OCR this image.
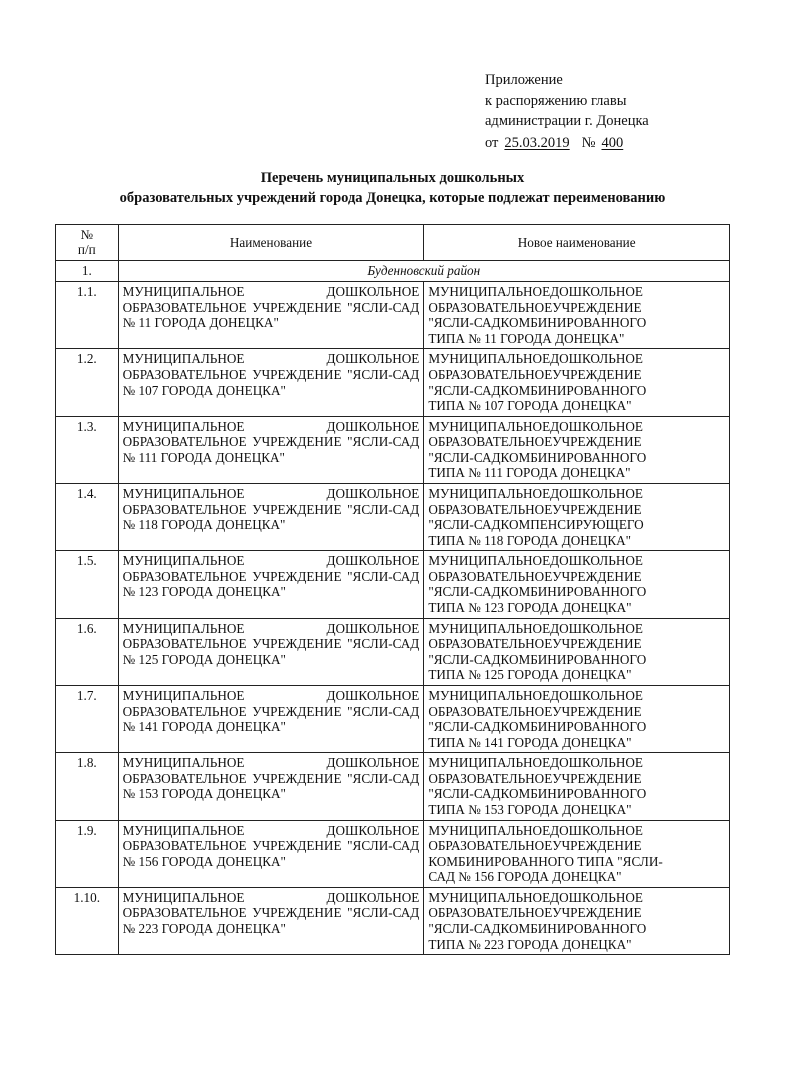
Приложение
к распоряжению главы
администрации г. Донецка
от 25.03.2019 № 400
Перечень муниципальных дошкольных
образовательных учреждений города Донецка, которые подлежат переименованию
№
п/п	Наименование	Новое наименование
1.	Буденновский район	
1.1.	МУНИЦИПАЛЬНОЕ ДОШКОЛЬНОЕ ОБРАЗОВАТЕЛЬНОЕ УЧРЕЖДЕНИЕ "ЯСЛИ-САД № 11 ГОРОДА ДОНЕЦКА"	МУНИЦИПАЛЬНОЕДОШКОЛЬНОЕ
ОБРАЗОВАТЕЛЬНОЕУЧРЕЖДЕНИЕ
"ЯСЛИ-САДКОМБИНИРОВАННОГО
ТИПА № 11 ГОРОДА ДОНЕЦКА"

1.2.	МУНИЦИПАЛЬНОЕ ДОШКОЛЬНОЕ ОБРАЗОВАТЕЛЬНОЕ УЧРЕЖДЕНИЕ "ЯСЛИ-САД № 107 ГОРОДА ДОНЕЦКА"	МУНИЦИПАЛЬНОЕДОШКОЛЬНОЕ
ОБРАЗОВАТЕЛЬНОЕУЧРЕЖДЕНИЕ
"ЯСЛИ-САДКОМБИНИРОВАННОГО
ТИПА № 107 ГОРОДА ДОНЕЦКА"

1.3.	МУНИЦИПАЛЬНОЕ ДОШКОЛЬНОЕ ОБРАЗОВАТЕЛЬНОЕ УЧРЕЖДЕНИЕ "ЯСЛИ-САД № 111 ГОРОДА ДОНЕЦКА"	МУНИЦИПАЛЬНОЕДОШКОЛЬНОЕ
ОБРАЗОВАТЕЛЬНОЕУЧРЕЖДЕНИЕ
"ЯСЛИ-САДКОМБИНИРОВАННОГО
ТИПА № 111 ГОРОДА ДОНЕЦКА"

1.4.	МУНИЦИПАЛЬНОЕ ДОШКОЛЬНОЕ ОБРАЗОВАТЕЛЬНОЕ УЧРЕЖДЕНИЕ "ЯСЛИ-САД № 118 ГОРОДА ДОНЕЦКА"	МУНИЦИПАЛЬНОЕДОШКОЛЬНОЕ
ОБРАЗОВАТЕЛЬНОЕУЧРЕЖДЕНИЕ
"ЯСЛИ-САДКОМПЕНСИРУЮЩЕГО
ТИПА № 118 ГОРОДА ДОНЕЦКА"

1.5.	МУНИЦИПАЛЬНОЕ ДОШКОЛЬНОЕ ОБРАЗОВАТЕЛЬНОЕ УЧРЕЖДЕНИЕ "ЯСЛИ-САД № 123 ГОРОДА ДОНЕЦКА"	МУНИЦИПАЛЬНОЕДОШКОЛЬНОЕ
ОБРАЗОВАТЕЛЬНОЕУЧРЕЖДЕНИЕ
"ЯСЛИ-САДКОМБИНИРОВАННОГО
ТИПА № 123 ГОРОДА ДОНЕЦКА"

1.6.	МУНИЦИПАЛЬНОЕ ДОШКОЛЬНОЕ ОБРАЗОВАТЕЛЬНОЕ УЧРЕЖДЕНИЕ "ЯСЛИ-САД № 125 ГОРОДА ДОНЕЦКА"	МУНИЦИПАЛЬНОЕДОШКОЛЬНОЕ
ОБРАЗОВАТЕЛЬНОЕУЧРЕЖДЕНИЕ
"ЯСЛИ-САДКОМБИНИРОВАННОГО
ТИПА № 125 ГОРОДА ДОНЕЦКА"

1.7.	МУНИЦИПАЛЬНОЕ ДОШКОЛЬНОЕ ОБРАЗОВАТЕЛЬНОЕ УЧРЕЖДЕНИЕ "ЯСЛИ-САД № 141 ГОРОДА ДОНЕЦКА"	МУНИЦИПАЛЬНОЕДОШКОЛЬНОЕ
ОБРАЗОВАТЕЛЬНОЕУЧРЕЖДЕНИЕ
"ЯСЛИ-САДКОМБИНИРОВАННОГО
ТИПА № 141 ГОРОДА ДОНЕЦКА"

1.8.	МУНИЦИПАЛЬНОЕ ДОШКОЛЬНОЕ ОБРАЗОВАТЕЛЬНОЕ УЧРЕЖДЕНИЕ "ЯСЛИ-САД № 153 ГОРОДА ДОНЕЦКА"	МУНИЦИПАЛЬНОЕДОШКОЛЬНОЕ
ОБРАЗОВАТЕЛЬНОЕУЧРЕЖДЕНИЕ
"ЯСЛИ-САДКОМБИНИРОВАННОГО
ТИПА № 153 ГОРОДА ДОНЕЦКА"

1.9.	МУНИЦИПАЛЬНОЕ ДОШКОЛЬНОЕ ОБРАЗОВАТЕЛЬНОЕ УЧРЕЖДЕНИЕ "ЯСЛИ-САД № 156 ГОРОДА ДОНЕЦКА"	МУНИЦИПАЛЬНОЕДОШКОЛЬНОЕ
ОБРАЗОВАТЕЛЬНОЕУЧРЕЖДЕНИЕ
КОМБИНИРОВАННОГО ТИПА "ЯСЛИ-
САД № 156 ГОРОДА ДОНЕЦКА"

1.10.	МУНИЦИПАЛЬНОЕ ДОШКОЛЬНОЕ ОБРАЗОВАТЕЛЬНОЕ УЧРЕЖДЕНИЕ "ЯСЛИ-САД № 223 ГОРОДА ДОНЕЦКА"	МУНИЦИПАЛЬНОЕДОШКОЛЬНОЕ
ОБРАЗОВАТЕЛЬНОЕУЧРЕЖДЕНИЕ
"ЯСЛИ-САДКОМБИНИРОВАННОГО
ТИПА № 223 ГОРОДА ДОНЕЦКА"
